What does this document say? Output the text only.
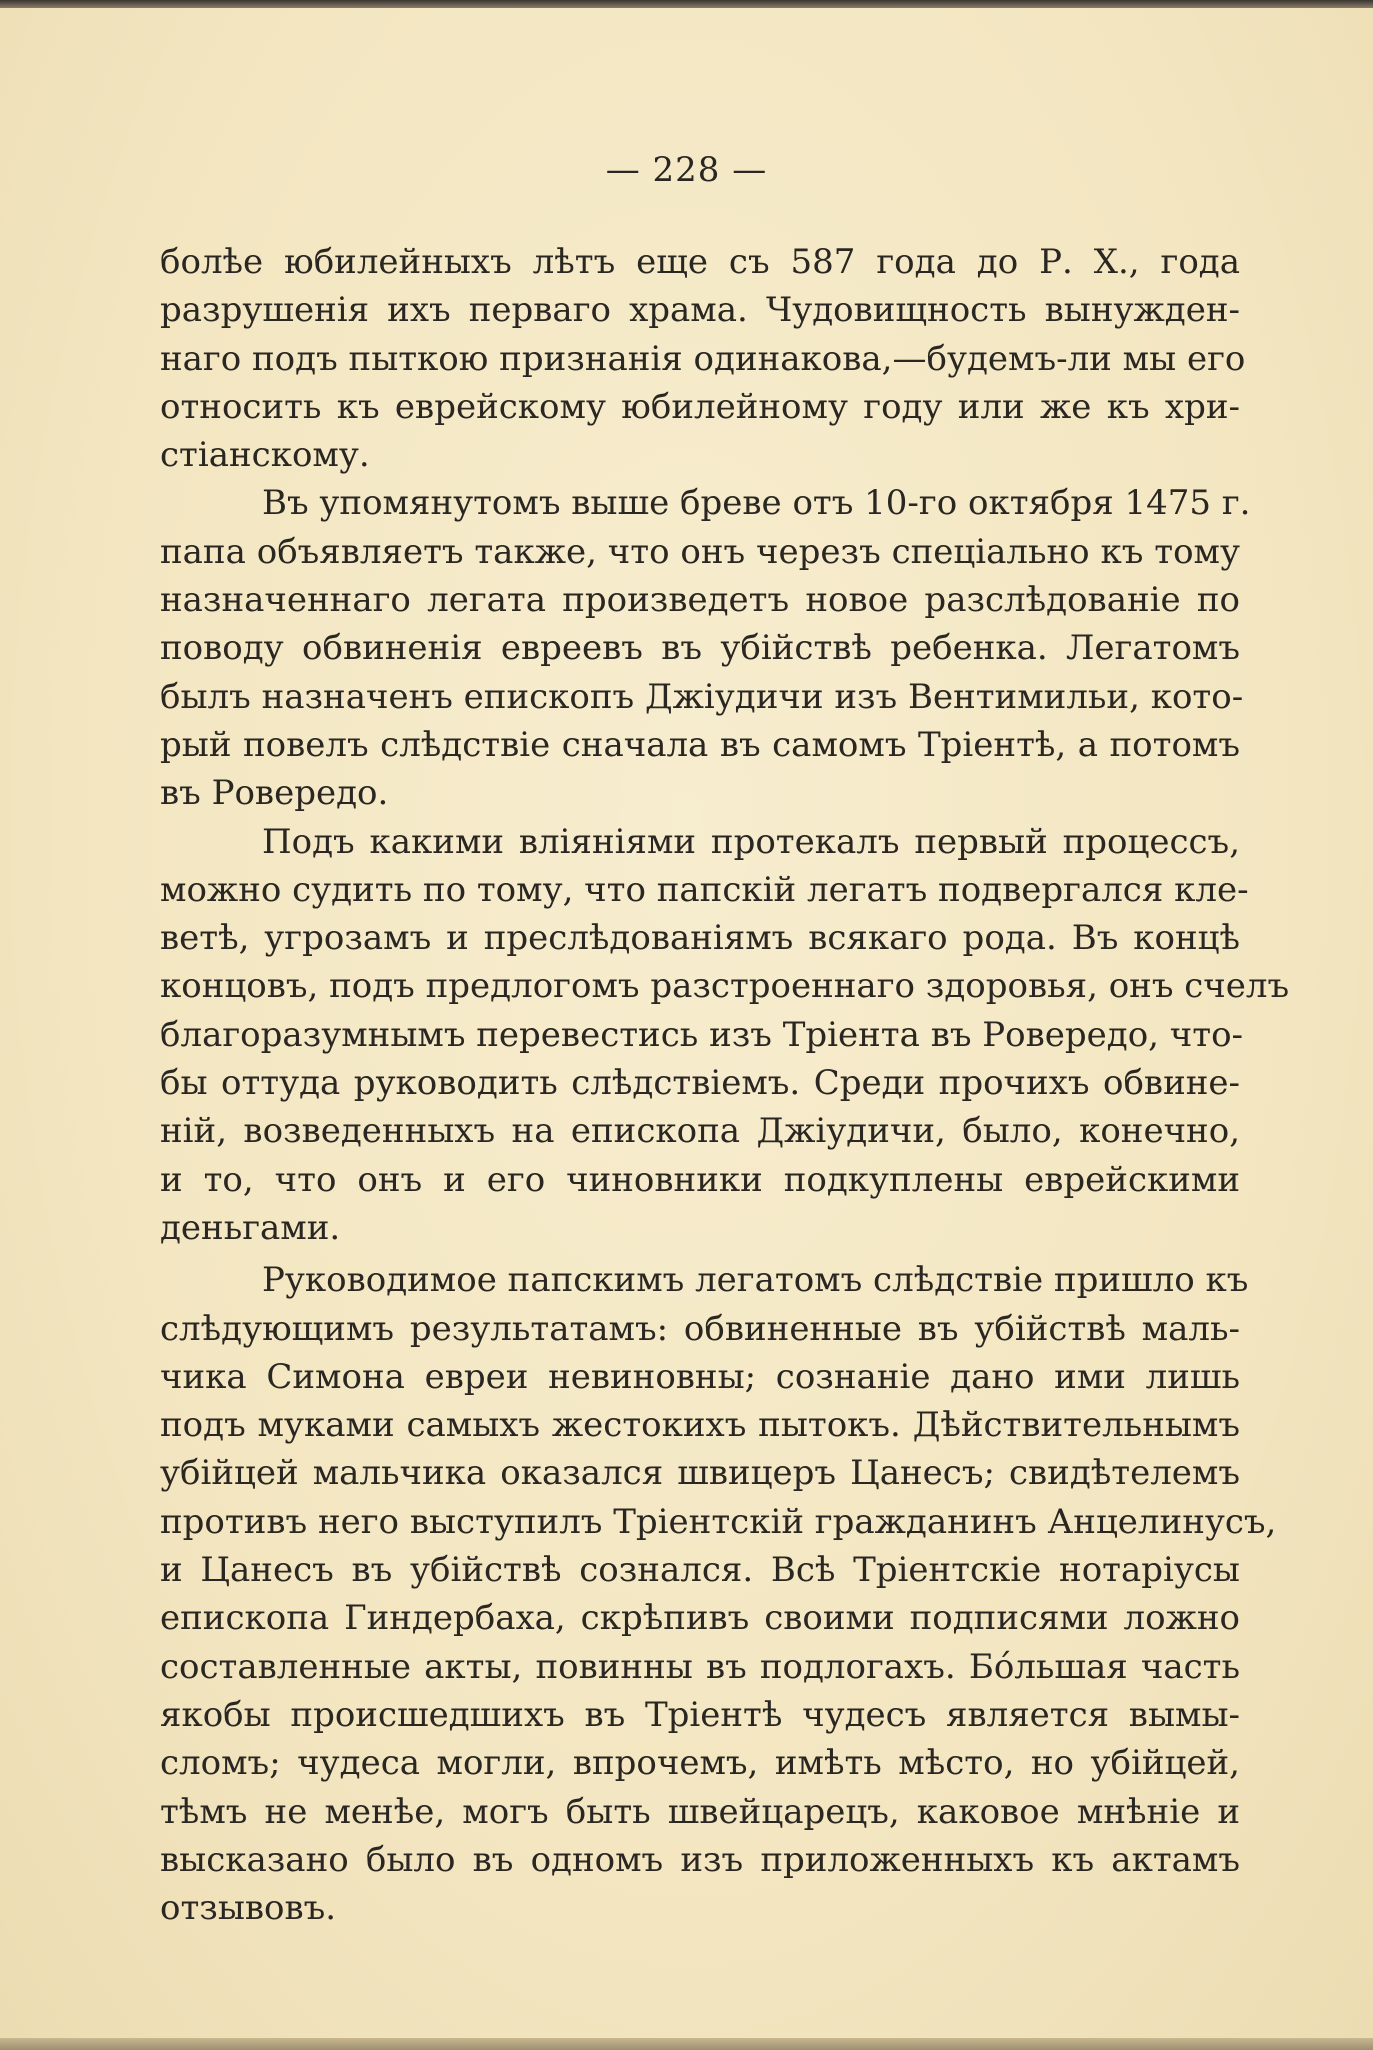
— 228 —
болѣе юбилейныхъ лѣтъ еще съ 587 года до Р. X., года
разрушенія ихъ перваго храма. Чудовищность вынужден-
наго подъ пыткою признанія одинакова,—будемъ-ли мы его
относить къ еврейскому юбилейному году или же къ хри-
стіанскому.
Въ упомянутомъ выше бреве отъ 10-го октября 1475 г.
папа объявляетъ также, что онъ черезъ спеціально къ тому
назначеннаго легата произведетъ новое разслѣдованіе по
поводу обвиненія евреевъ въ убійствѣ ребенка. Легатомъ
былъ назначенъ епископъ Джіудичи изъ Вентимильи, кото-
рый повелъ слѣдствіе сначала въ самомъ Тріентѣ, а потомъ
въ Ровередо.
Подъ какими вліяніями протекалъ первый процессъ,
можно судить по тому, что папскій легатъ подвергался кле-
ветѣ, угрозамъ и преслѣдованіямъ всякаго рода. Въ концѣ
концовъ, подъ предлогомъ разстроеннаго здоровья, онъ счелъ
благоразумнымъ перевестись изъ Тріента въ Ровередо, что-
бы оттуда руководить слѣдствіемъ. Среди прочихъ обвине-
ній, возведенныхъ на епископа Джіудичи, было, конечно,
и то, что онъ и его чиновники подкуплены еврейскими
деньгами.
Руководимое папскимъ легатомъ слѣдствіе пришло къ
слѣдующимъ результатамъ: обвиненные въ убійствѣ маль-
чика Симона евреи невиновны; сознаніе дано ими лишь
подъ муками самыхъ жестокихъ пытокъ. Дѣйствительнымъ
убійцей мальчика оказался швицеръ Цанесъ; свидѣтелемъ
противъ него выступилъ Тріентскій гражданинъ Анцелинусъ,
и Цанесъ въ убійствѣ сознался. Всѣ Тріентскіе нотаріусы
епископа Гиндербаха, скрѣпивъ своими подписями ложно
составленные акты, повинны въ подлогахъ. Бо́льшая часть
якобы происшедшихъ въ Тріентѣ чудесъ является вымы-
сломъ; чудеса могли, впрочемъ, имѣть мѣсто, но убійцей,
тѣмъ не менѣе, могъ быть швейцарецъ, каковое мнѣніе и
высказано было въ одномъ изъ приложенныхъ къ актамъ
отзывовъ.
